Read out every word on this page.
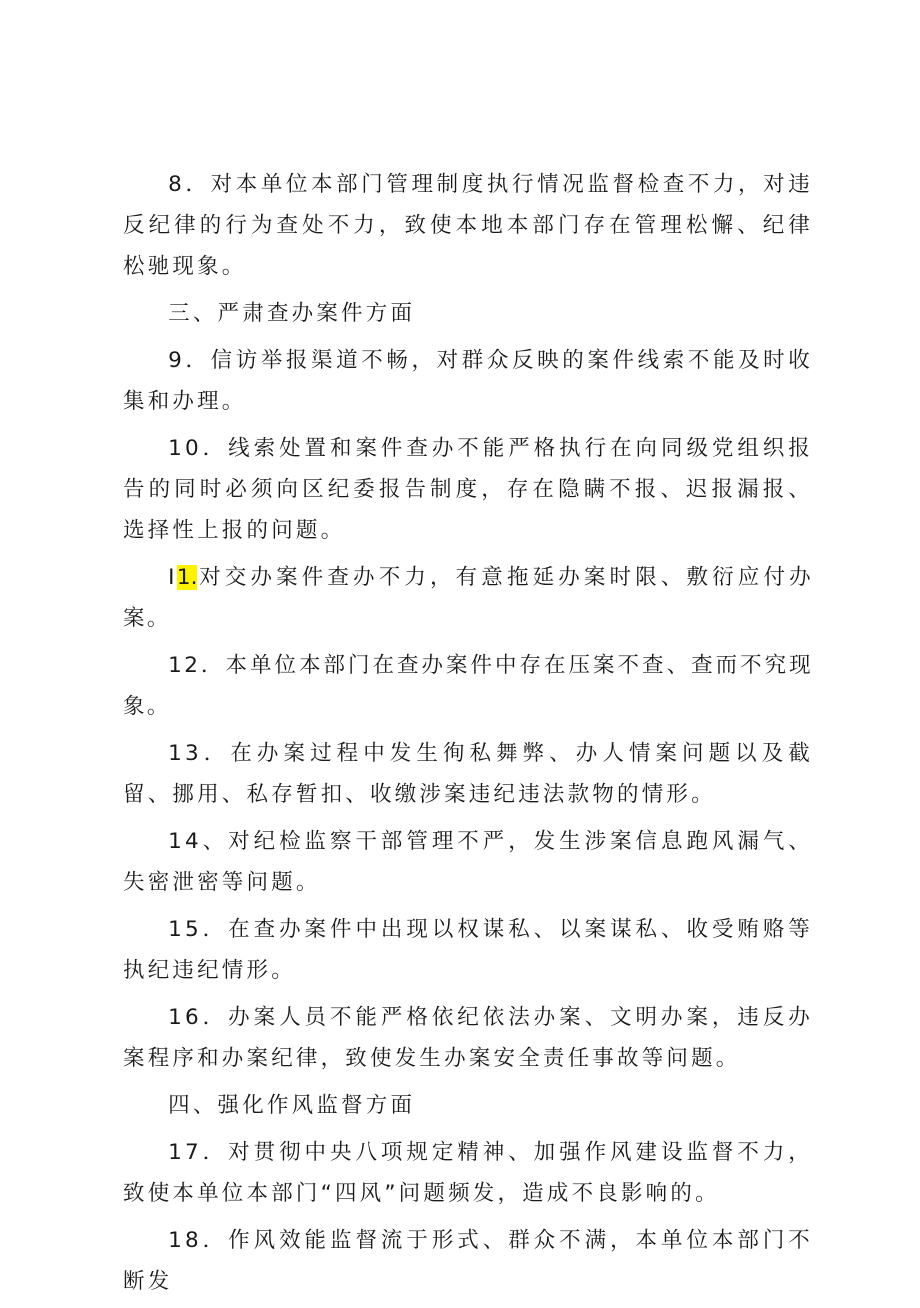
8．对本单位本部门管理制度执行情况监督检查不力，对违反纪律的行为查处不力，致使本地本部门存在管理松懈、纪律松驰现象。

三、严肃查办案件方面

9．信访举报渠道不畅，对群众反映的案件线索不能及时收集和办理。

10．线索处置和案件查办不能严格执行在向同级党组织报告的同时必须向区纪委报告制度，存在隐瞒不报、迟报漏报、选择性上报的问题。

I1.对交办案件查办不力，有意拖延办案时限、敷衍应付办案。

12．本单位本部门在查办案件中存在压案不查、查而不究现象。

13．在办案过程中发生徇私舞弊、办人情案问题以及截留、挪用、私存暂扣、收缴涉案违纪违法款物的情形。

14、对纪检监察干部管理不严，发生涉案信息跑风漏气、失密泄密等问题。

15．在查办案件中出现以权谋私、以案谋私、收受贿赂等执纪违纪情形。

16．办案人员不能严格依纪依法办案、文明办案，违反办案程序和办案纪律，致使发生办案安全责任事故等问题。

四、强化作风监督方面

17．对贯彻中央八项规定精神、加强作风建设监督不力，致使本单位本部门“四风”问题频发，造成不良影响的。

18．作风效能监督流于形式、群众不满，本单位本部门不断发
